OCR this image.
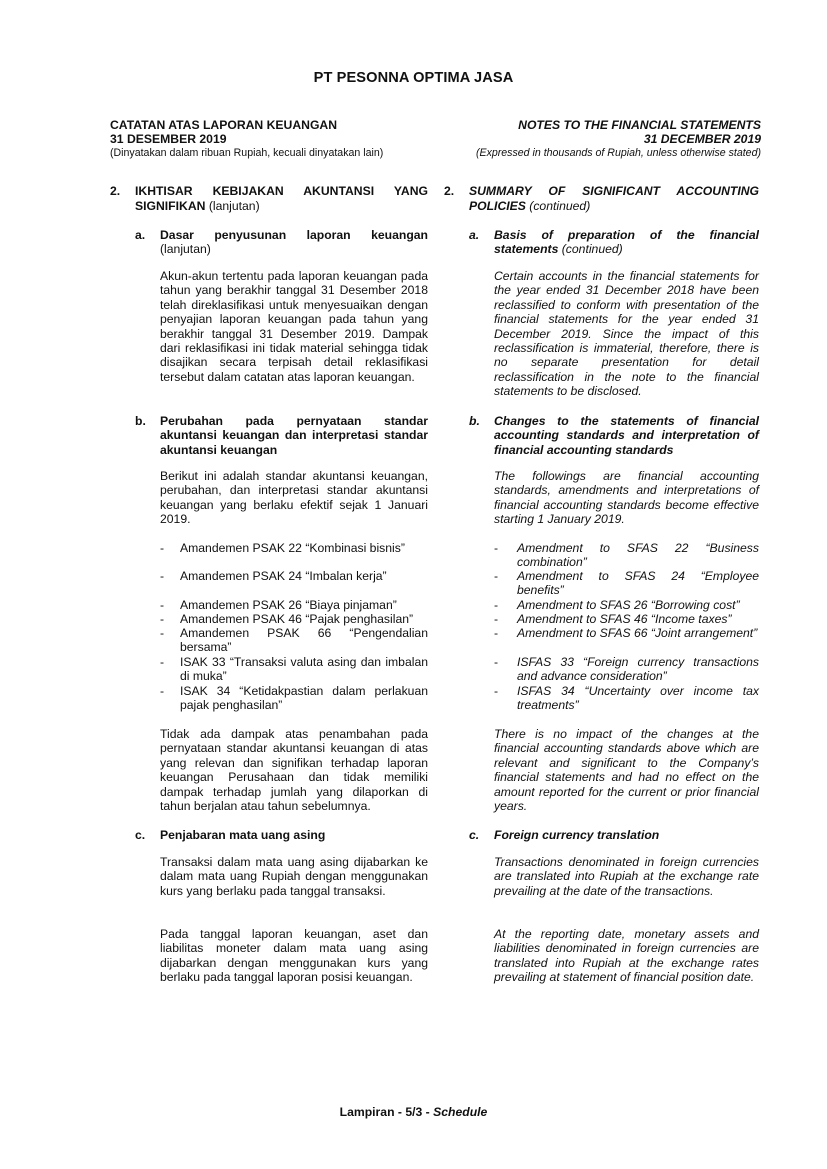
PT PESONNA OPTIMA JASA
CATATAN ATAS LAPORAN KEUANGAN
31 DESEMBER 2019
(Dinyatakan dalam ribuan Rupiah, kecuali dinyatakan lain)
NOTES TO THE FINANCIAL STATEMENTS
31 DECEMBER 2019
(Expressed in thousands of Rupiah, unless otherwise stated)
2. IKHTISAR KEBIJAKAN AKUNTANSI YANG
SIGNIFIKAN (lanjutan)
2. SUMMARY OF SIGNIFICANT ACCOUNTING
POLICIES (continued)
a. Dasar penyusunan laporan keuangan
(lanjutan)
a. Basis of preparation of the financial
statements (continued)
Akun-akun tertentu pada laporan keuangan pada tahun yang berakhir tanggal 31 Desember 2018 telah direklasifikasi untuk menyesuaikan dengan penyajian laporan keuangan pada tahun yang berakhir tanggal 31 Desember 2019. Dampak dari reklasifikasi ini tidak material sehingga tidak disajikan secara terpisah detail reklasifikasi tersebut dalam catatan atas laporan keuangan.
Certain accounts in the financial statements for the year ended 31 December 2018 have been reclassified to conform with presentation of the financial statements for the year ended 31 December 2019. Since the impact of this reclassification is immaterial, therefore, there is no separate presentation for detail reclassification in the note to the financial statements to be disclosed.
b. Perubahan pada pernyataan standar akuntansi keuangan dan interpretasi standar akuntansi keuangan
b. Changes to the statements of financial accounting standards and interpretation of financial accounting standards
Berikut ini adalah standar akuntansi keuangan, perubahan, dan interpretasi standar akuntansi keuangan yang berlaku efektif sejak 1 Januari 2019.
The followings are financial accounting standards, amendments and interpretations of financial accounting standards become effective starting 1 January 2019.
- Amandemen PSAK 22 “Kombinasi bisnis”
- Amandemen PSAK 24 “Imbalan kerja”
- Amandemen PSAK 26 “Biaya pinjaman”
- Amandemen PSAK 46 “Pajak penghasilan”
- Amandemen PSAK 66 “Pengendalian bersama”
- ISAK 33 “Transaksi valuta asing dan imbalan di muka”
- ISAK 34 “Ketidakpastian dalam perlakuan pajak penghasilan”
- Amendment to SFAS 22 “Business combination”
- Amendment to SFAS 24 “Employee benefits”
- Amendment to SFAS 26 “Borrowing cost”
- Amendment to SFAS 46 “Income taxes”
- Amendment to SFAS 66 “Joint arrangement”
- ISFAS 33 “Foreign currency transactions and advance consideration”
- ISFAS 34 “Uncertainty over income tax treatments”
Tidak ada dampak atas penambahan pada pernyataan standar akuntansi keuangan di atas yang relevan dan signifikan terhadap laporan keuangan Perusahaan dan tidak memiliki dampak terhadap jumlah yang dilaporkan di tahun berjalan atau tahun sebelumnya.
There is no impact of the changes at the financial accounting standards above which are relevant and significant to the Company’s financial statements and had no effect on the amount reported for the current or prior financial years.
c. Penjabaran mata uang asing	c. Foreign currency translation
Transaksi dalam mata uang asing dijabarkan ke dalam mata uang Rupiah dengan menggunakan kurs yang berlaku pada tanggal transaksi.
Transactions denominated in foreign currencies are translated into Rupiah at the exchange rate prevailing at the date of the transactions.
Pada tanggal laporan keuangan, aset dan liabilitas moneter dalam mata uang asing dijabarkan dengan menggunakan kurs yang berlaku pada tanggal laporan posisi keuangan.
At the reporting date, monetary assets and liabilities denominated in foreign currencies are translated into Rupiah at the exchange rates prevailing at statement of financial position date.
Lampiran - 5/3 - Schedule
